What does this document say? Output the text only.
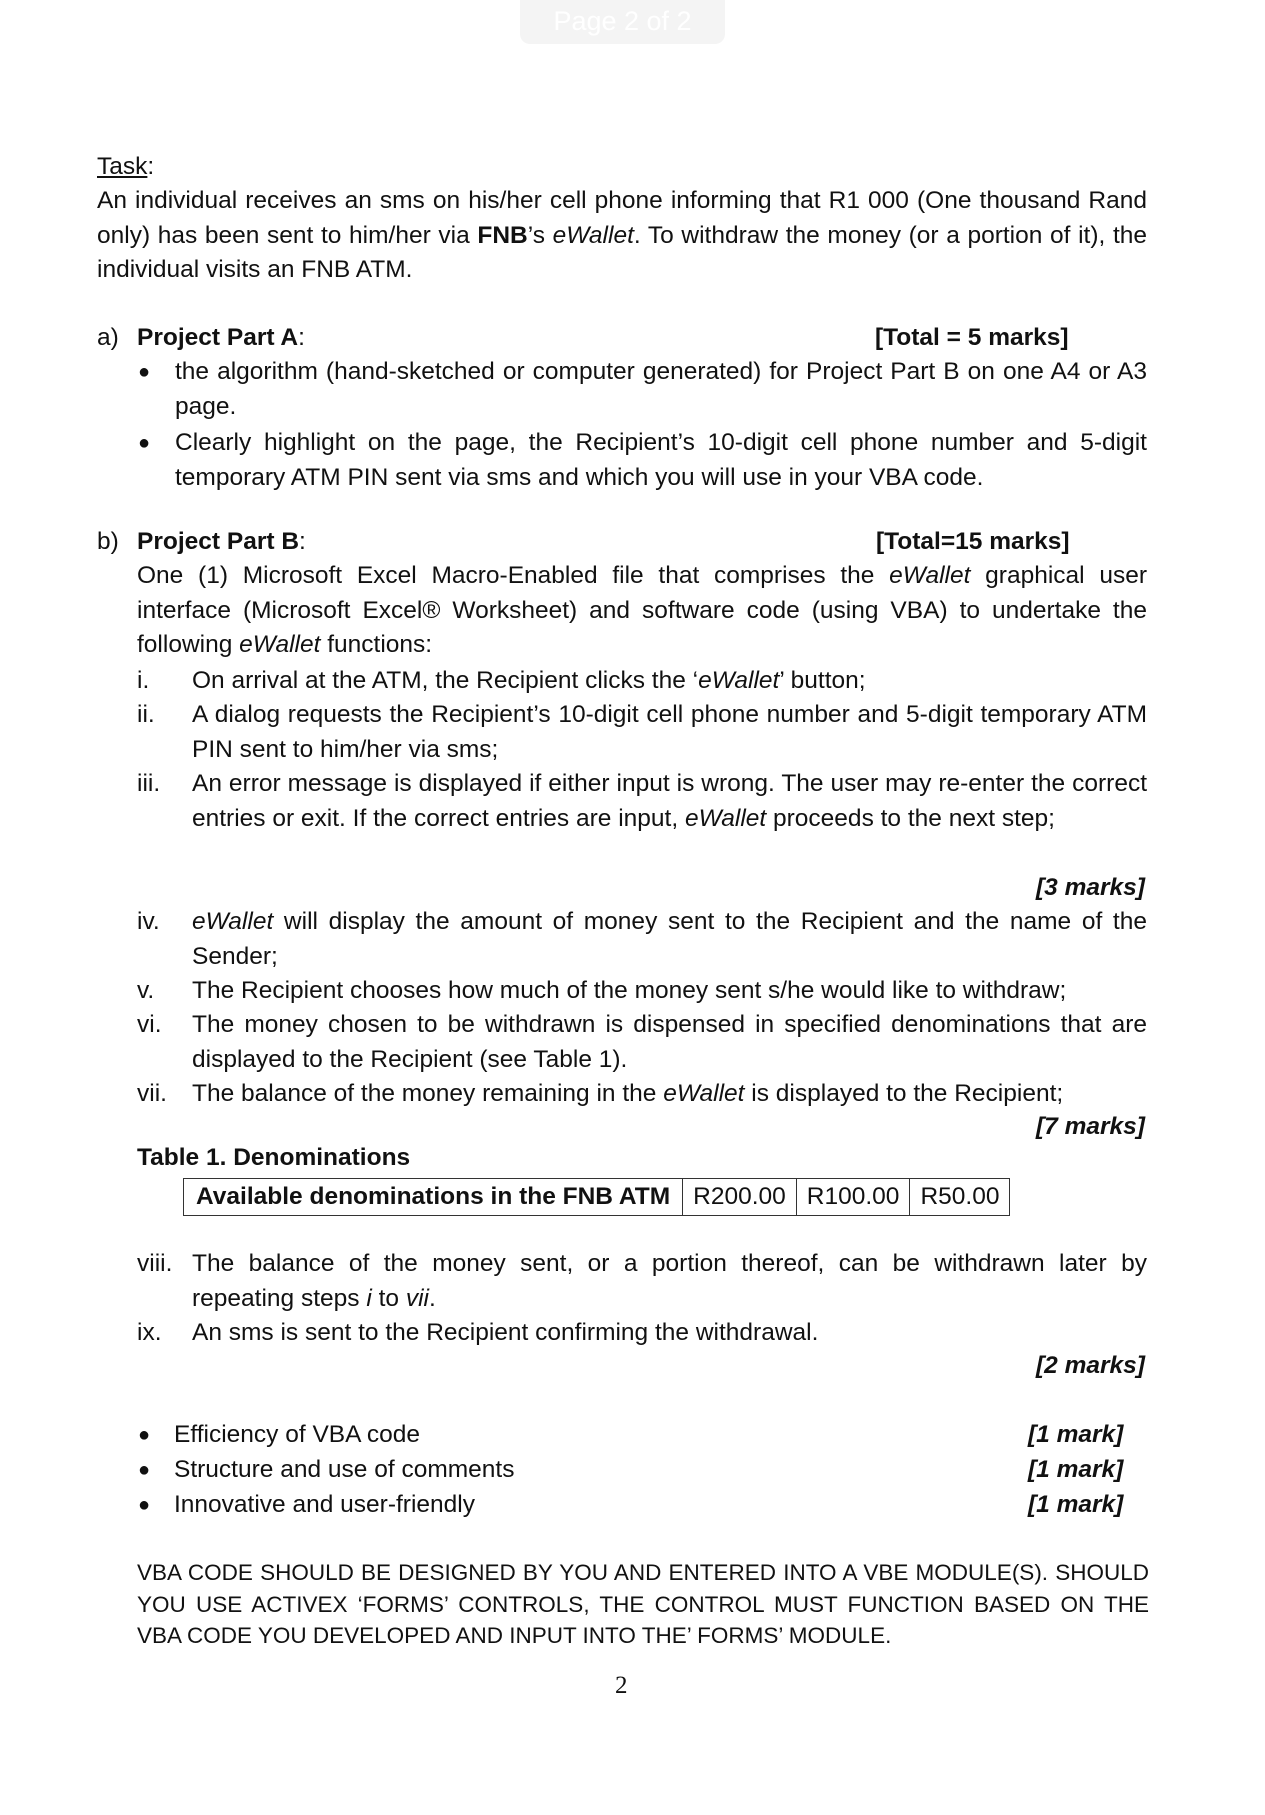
Page 2 of 2
Task:
An individual receives an sms on his/her cell phone informing that R1 000 (One thousand Rand only) has been sent to him/her via FNB’s eWallet. To withdraw the money (or a portion of it), the individual visits an FNB ATM.
a) Project Part A:	[Total = 5 marks]
● the algorithm (hand-sketched or computer generated) for Project Part B on one A4 or A3 page.
● Clearly highlight on the page, the Recipient’s 10-digit cell phone number and 5-digit temporary ATM PIN sent via sms and which you will use in your VBA code.
b) Project Part B:	[Total=15 marks]
One (1) Microsoft Excel Macro-Enabled file that comprises the eWallet graphical user interface (Microsoft Excel® Worksheet) and software code (using VBA) to undertake the following eWallet functions:
i. On arrival at the ATM, the Recipient clicks the ‘eWallet’ button;
ii. A dialog requests the Recipient’s 10-digit cell phone number and 5-digit temporary ATM PIN sent to him/her via sms;
iii. An error message is displayed if either input is wrong. The user may re-enter the correct entries or exit. If the correct entries are input, eWallet proceeds to the next step;
[3 marks]
iv. eWallet will display the amount of money sent to the Recipient and the name of the Sender;
v. The Recipient chooses how much of the money sent s/he would like to withdraw;
vi. The money chosen to be withdrawn is dispensed in specified denominations that are displayed to the Recipient (see Table 1).
vii. The balance of the money remaining in the eWallet is displayed to the Recipient;
[7 marks]
Table 1. Denominations
Available denominations in the FNB ATM	R200.00	R100.00	R50.00
viii. The balance of the money sent, or a portion thereof, can be withdrawn later by repeating steps i to vii.
ix. An sms is sent to the Recipient confirming the withdrawal.
[2 marks]
● Efficiency of VBA code	[1 mark]
● Structure and use of comments	[1 mark]
● Innovative and user-friendly	[1 mark]
VBA CODE SHOULD BE DESIGNED BY YOU AND ENTERED INTO A VBE MODULE(S). SHOULD YOU USE ACTIVEX ‘FORMS’ CONTROLS, THE CONTROL MUST FUNCTION BASED ON THE VBA CODE YOU DEVELOPED AND INPUT INTO THE’ FORMS’ MODULE.
2
